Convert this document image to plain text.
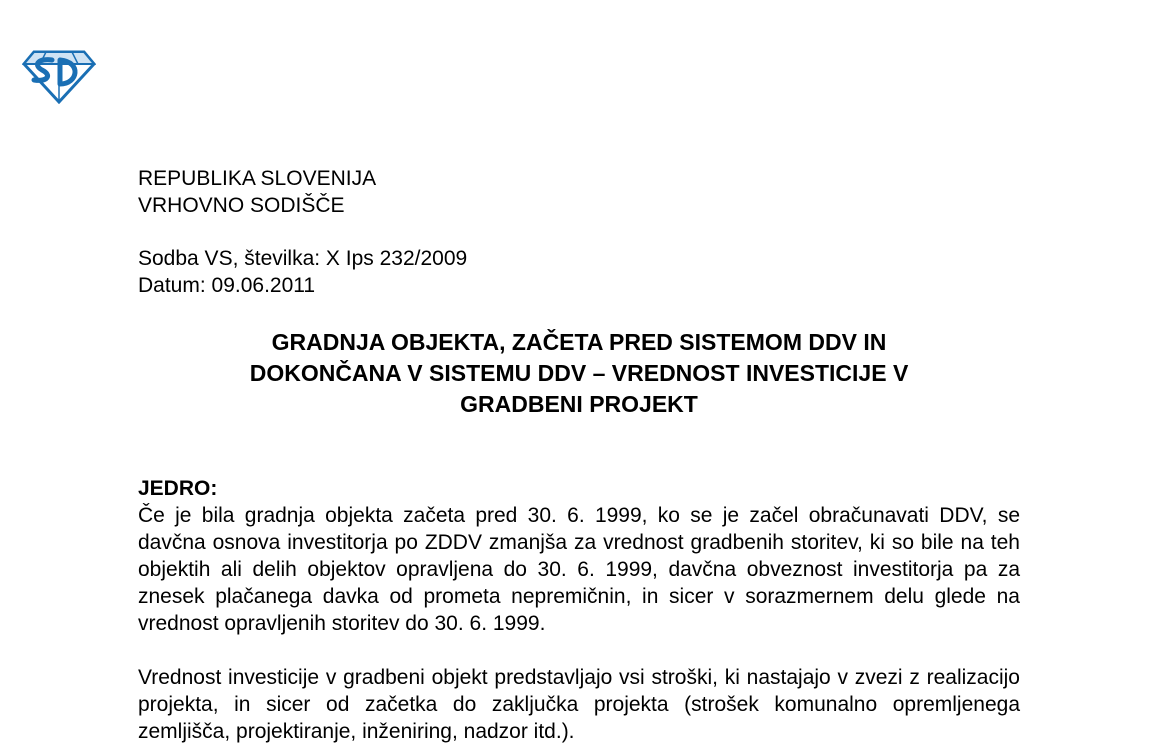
REPUBLIKA SLOVENIJA
VRHOVNO SODIŠČE
Sodba VS, številka: X Ips 232/2009
Datum: 09.06.2011
GRADNJA OBJEKTA, ZAČETA PRED SISTEMOM DDV IN
DOKONČANA V SISTEMU DDV – VREDNOST INVESTICIJE V
GRADBENI PROJEKT
JEDRO:

Če je bila gradnja objekta začeta pred 30. 6. 1999, ko se je začel obračunavati DDV, se davčna osnova investitorja po ZDDV zmanjša za vrednost gradbenih storitev, ki so bile na teh objektih ali delih objektov opravljena do 30. 6. 1999, davčna obveznost investitorja pa za znesek plačanega davka od prometa nepremičnin, in sicer v sorazmernem delu glede na vrednost opravljenih storitev do 30. 6. 1999.

Vrednost investicije v gradbeni objekt predstavljajo vsi stroški, ki nastajajo v zvezi z realizacijo projekta, in sicer od začetka do zaključka projekta (strošek komunalno opremljenega zemljišča, projektiranje, inženiring, nadzor itd.).
